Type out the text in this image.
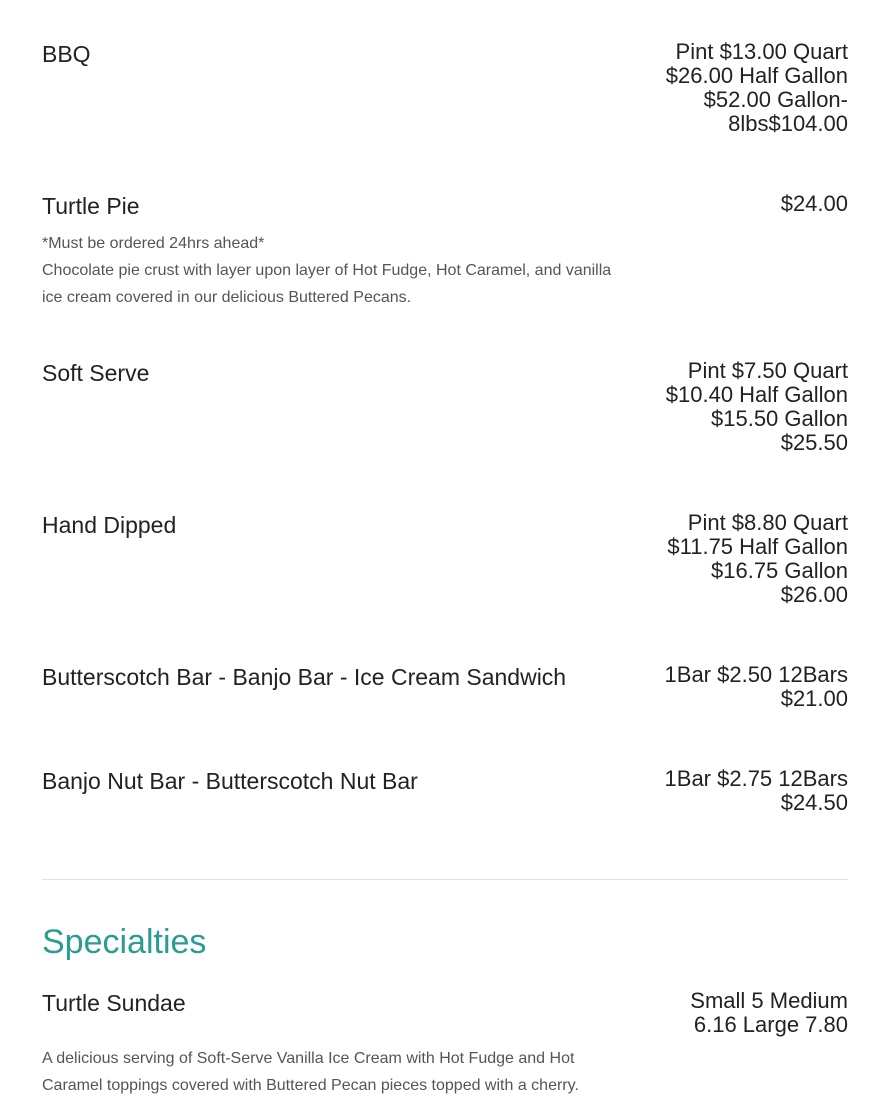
BBQ	Pint $13.00 Quart $26.00 Half Gallon $52.00 Gallon- 8lbs$104.00
Turtle Pie	$24.00
*Must be ordered 24hrs ahead*
Chocolate pie crust with layer upon layer of Hot Fudge, Hot Caramel, and vanilla ice cream covered in our delicious Buttered Pecans.
Soft Serve	Pint $7.50 Quart $10.40 Half Gallon $15.50 Gallon $25.50
Hand Dipped	Pint $8.80 Quart $11.75 Half Gallon $16.75 Gallon $26.00
Butterscotch Bar - Banjo Bar - Ice Cream Sandwich	1Bar $2.50 12Bars $21.00
Banjo Nut Bar - Butterscotch Nut Bar	1Bar $2.75 12Bars $24.50
Specialties
Turtle Sundae	Small 5 Medium 6.16 Large 7.80
A delicious serving of Soft-Serve Vanilla Ice Cream with Hot Fudge and Hot Caramel toppings covered with Buttered Pecan pieces topped with a cherry.
